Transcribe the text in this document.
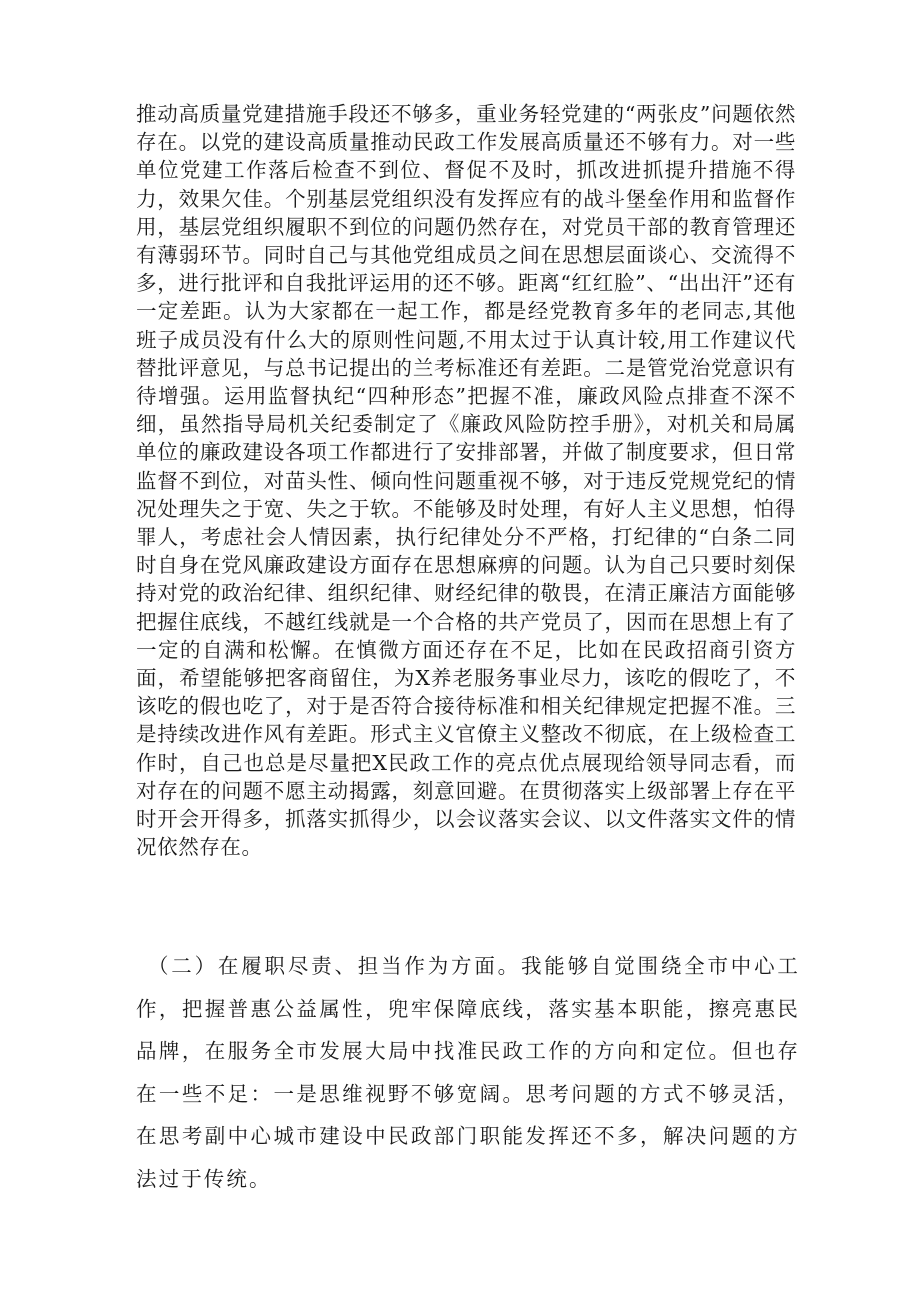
推动高质量党建措施手段还不够多，重业务轻党建的“两张皮”问题依然存在。以党的建设高质量推动民政工作发展高质量还不够有力。对一些单位党建工作落后检查不到位、督促不及时，抓改进抓提升措施不得力，效果欠佳。个别基层党组织没有发挥应有的战斗堡垒作用和监督作用，基层党组织履职不到位的问题仍然存在，对党员干部的教育管理还有薄弱环节。同时自己与其他党组成员之间在思想层面谈心、交流得不多，进行批评和自我批评运用的还不够。距离“红红脸”、“出出汗”还有一定差距。认为大家都在一起工作，都是经党教育多年的老同志,其他班子成员没有什么大的原则性问题,不用太过于认真计较,用工作建议代替批评意见，与总书记提出的兰考标准还有差距。二是管党治党意识有待增强。运用监督执纪“四种形态”把握不准，廉政风险点排查不深不细，虽然指导局机关纪委制定了《廉政风险防控手册》，对机关和局属单位的廉政建设各项工作都进行了安排部署，并做了制度要求，但日常监督不到位，对苗头性、倾向性问题重视不够，对于违反党规党纪的情况处理失之于宽、失之于软。不能够及时处理，有好人主义思想，怕得罪人，考虑社会人情因素，执行纪律处分不严格，打纪律的“白条二同时自身在党风廉政建设方面存在思想麻痹的问题。认为自己只要时刻保持对党的政治纪律、组织纪律、财经纪律的敬畏，在清正廉洁方面能够把握住底线，不越红线就是一个合格的共产党员了，因而在思想上有了一定的自满和松懈。在慎微方面还存在不足，比如在民政招商引资方面，希望能够把客商留住，为X养老服务事业尽力，该吃的假吃了，不该吃的假也吃了，对于是否符合接待标准和相关纪律规定把握不准。三是持续改进作风有差距。形式主义官僚主义整改不彻底，在上级检查工作时，自己也总是尽量把X民政工作的亮点优点展现给领导同志看，而对存在的问题不愿主动揭露，刻意回避。在贯彻落实上级部署上存在平时开会开得多，抓落实抓得少，以会议落实会议、以文件落实文件的情况依然存在。

（二）在履职尽责、担当作为方面。我能够自觉围绕全市中心工作，把握普惠公益属性，兜牢保障底线，落实基本职能，擦亮惠民品牌，在服务全市发展大局中找准民政工作的方向和定位。但也存在一些不足：一是思维视野不够宽阔。思考问题的方式不够灵活，在思考副中心城市建设中民政部门职能发挥还不多，解决问题的方法过于传统。
